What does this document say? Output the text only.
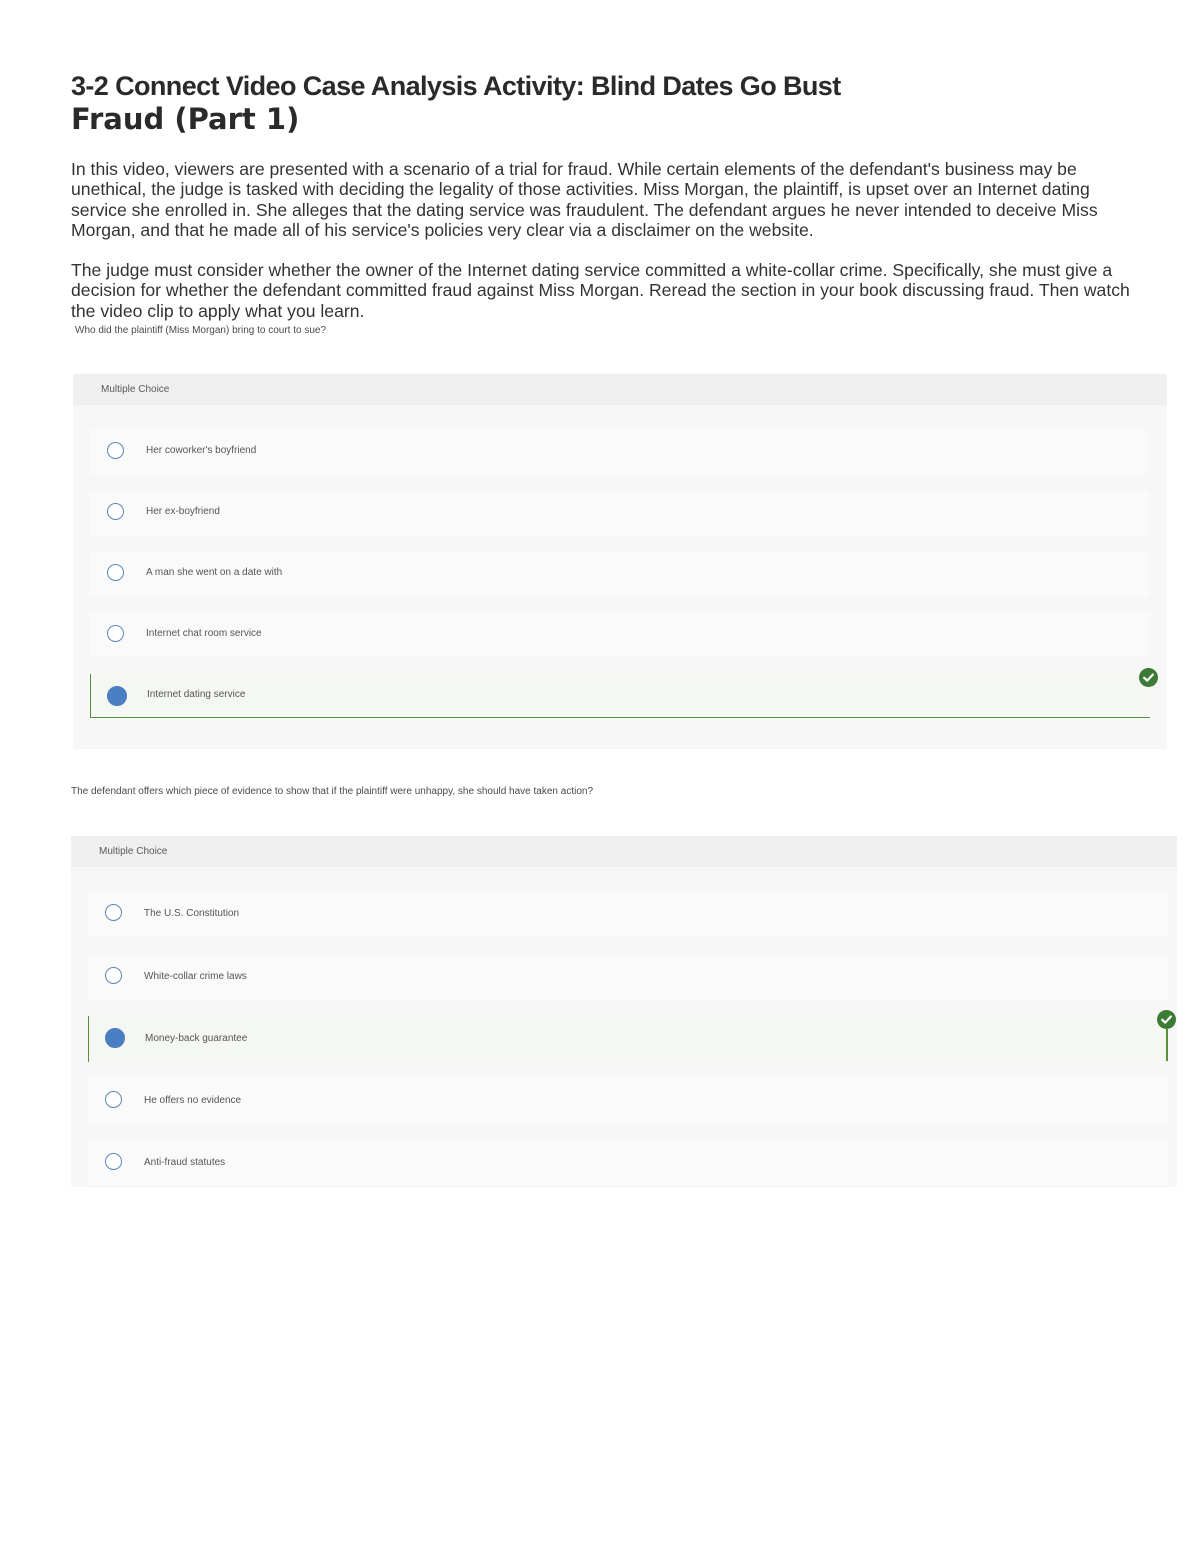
3-2 Connect Video Case Analysis Activity: Blind Dates Go Bust
Fraud (Part 1)

In this video, viewers are presented with a scenario of a trial for fraud. While certain elements of the defendant's business may be unethical, the judge is tasked with deciding the legality of those activities. Miss Morgan, the plaintiff, is upset over an Internet dating service she enrolled in. She alleges that the dating service was fraudulent. The defendant argues he never intended to deceive Miss Morgan, and that he made all of his service's policies very clear via a disclaimer on the website.

The judge must consider whether the owner of the Internet dating service committed a white-collar crime. Specifically, she must give a decision for whether the defendant committed fraud against Miss Morgan. Reread the section in your book discussing fraud. Then watch the video clip to apply what you learn.

Who did the plaintiff (Miss Morgan) bring to court to sue?

Multiple Choice
Her coworker's boyfriend
Her ex-boyfriend
A man she went on a date with
Internet chat room service
Internet dating service

The defendant offers which piece of evidence to show that if the plaintiff were unhappy, she should have taken action?

Multiple Choice
The U.S. Constitution
White-collar crime laws
Money-back guarantee
He offers no evidence
Anti-fraud statutes
